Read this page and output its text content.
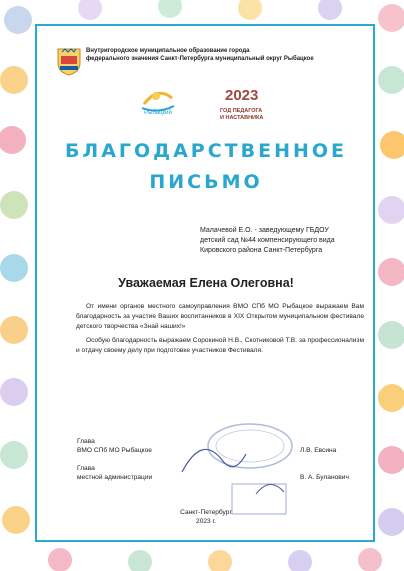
Внутригородское муниципальное образование города
федерального значения Санкт-Петербурга муниципальный округ Рыбацкое
Рыбацкий
2023
ГОД ПЕДАГОГА
И НАСТАВНИКА
БЛАГОДАРСТВЕННОЕ
ПИСЬМО
Малачевой Е.О. - заведующему ГБДОУ
детский сад №44 компенсирующего вида
Кировского района Санкт-Петербурга
Уважаемая Елена Олеговна!

От имени органов местного самоуправления ВМО СПб МО Рыбацкое выражаем Вам благодарность за участие Ваших воспитанников в XIX Открытом муниципальном фестивале детского творчества «Знай наших!»

Особую благодарность выражаем Сорокиной Н.В., Скотниковой Т.В. за профессионализм и отдачу своему делу при подготовке участников Фестиваля.

Глава
ВМО СПб МО Рыбацкое	Л.В. Евсина
Глава
местной администрации	В. А. Буланович
Санкт-Петербург
2023 г.
